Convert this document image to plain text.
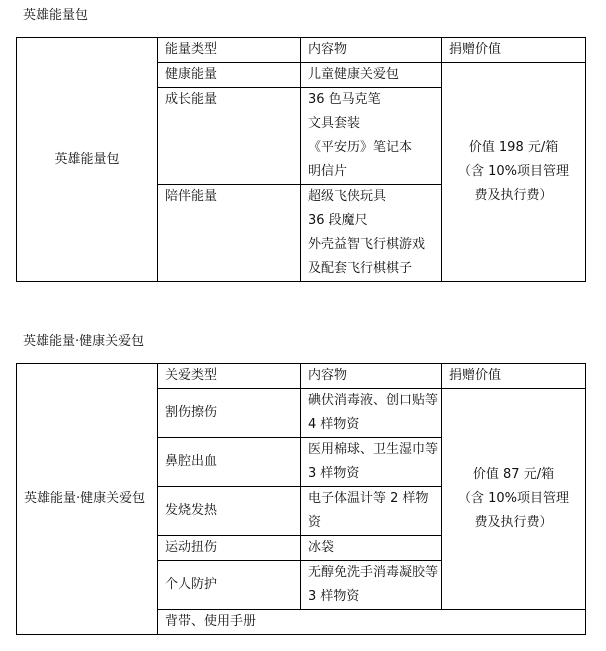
英雄能量包
英雄能量包	能量类型	内容物	捐赠价值
	健康能量	儿童健康关爱包	价值 198 元/箱
（含 10%项目管理
费及执行费）

	成长能量	36 色马克笔
文具套装
《平安历》笔记本
明信片	

	陪伴能量	超级飞侠玩具
36 段魔尺
外壳益智飞行棋游戏
及配套飞行棋棋子	
英雄能量·健康关爱包
英雄能量·健康关爱包	关爱类型	内容物	捐赠价值
	割伤擦伤	碘伏消毒液、创口贴等 4 样物资	价值 87 元/箱
（含 10%项目管理
费及执行费）

	鼻腔出血	医用棉球、卫生湿巾等 3 样物资	

	发烧发热	电子体温计等 2 样物资	

	运动扭伤	冰袋	

	个人防护	无醇免洗手消毒凝胶等 3 样物资	

	背带、使用手册		
